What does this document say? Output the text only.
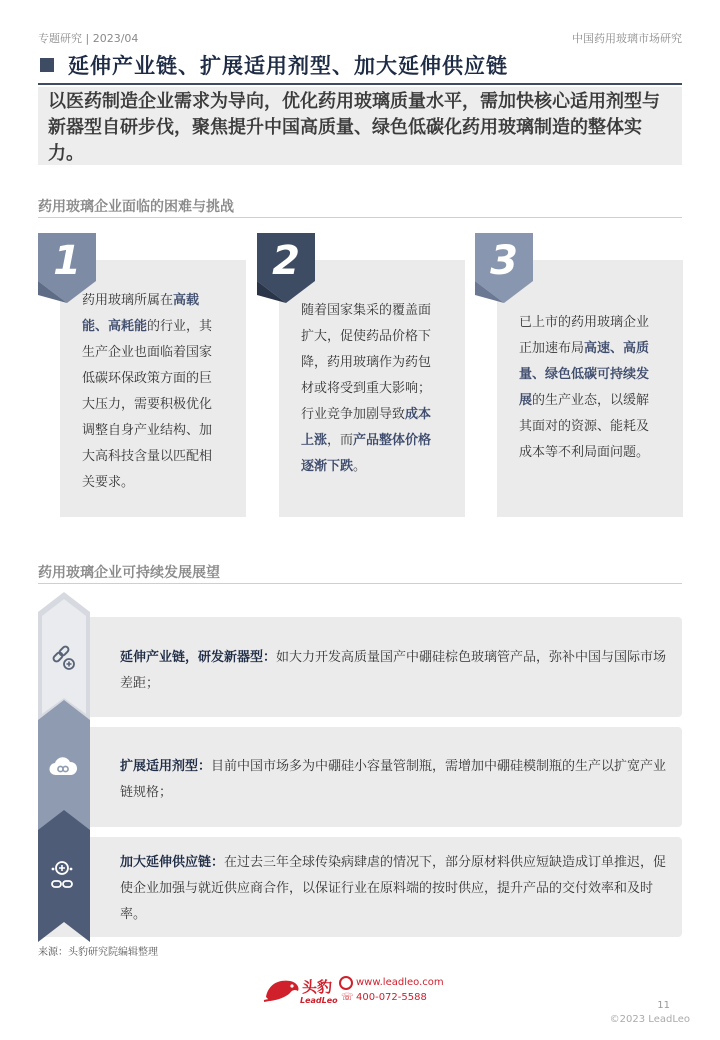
专题研究 | 2023/04	中国药用玻璃市场研究
延伸产业链、扩展适用剂型、加大延伸供应链
以医药制造企业需求为导向，优化药用玻璃质量水平，需加快核心适用剂型与新器型自研步伐，聚焦提升中国高质量、绿色低碳化药用玻璃制造的整体实力。
药用玻璃企业面临的困难与挑战
药用玻璃所属在高载能、高耗能的行业，其生产企业也面临着国家低碳环保政策方面的巨大压力，需要积极优化调整自身产业结构、加大高科技含量以匹配相关要求。
随着国家集采的覆盖面扩大，促使药品价格下降，药用玻璃作为药包材或将受到重大影响；行业竞争加剧导致成本上涨，而产品整体价格逐渐下跌。
已上市的药用玻璃企业正加速布局高速、高质量、绿色低碳可持续发展的生产业态，以缓解其面对的资源、能耗及成本等不利局面问题。
1	2	3
药用玻璃企业可持续发展展望
延伸产业链，研发新器型：如大力开发高质量国产中硼硅棕色玻璃管产品，弥补中国与国际市场差距；
扩展适用剂型：目前中国市场多为中硼硅小容量管制瓶，需增加中硼硅模制瓶的生产以扩宽产业链规格；
加大延伸供应链：在过去三年全球传染病肆虐的情况下，部分原材料供应短缺造成订单推迟，促使企业加强与就近供应商合作，以保证行业在原料端的按时供应，提升产品的交付效率和及时率。
来源：头豹研究院编辑整理
头豹
LeadLeo
www.leadleo.com
☏ 400-072-5588
11
©2023 LeadLeo
